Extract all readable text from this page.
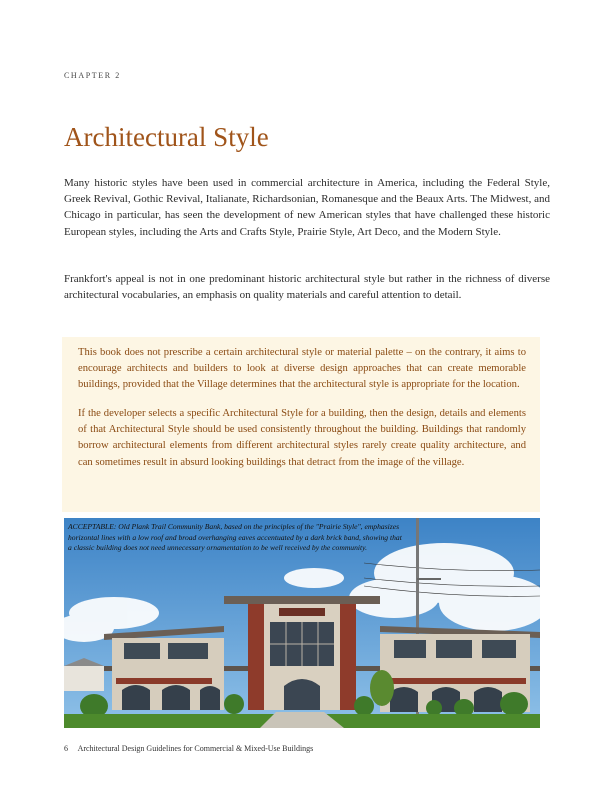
CHAPTER 2
Architectural Style

Many historic styles have been used in commercial architecture in America, including the Federal Style, Greek Revival, Gothic Revival, Italianate, Richardsonian, Romanesque and the Beaux Arts. The Midwest, and Chicago in particular, has seen the development of new American styles that have challenged these historic European styles, including the Arts and Crafts Style, Prairie Style, Art Deco, and the Modern Style.

Frankfort's appeal is not in one predominant historic architectural style but rather in the richness of diverse architectural vocabularies, an emphasis on quality materials and careful attention to detail.

This book does not prescribe a certain architectural style or material palette – on the contrary, it aims to encourage architects and builders to look at diverse design approaches that can create memorable buildings, provided that the Village determines that the architectural style is appropriate for the location.

If the developer selects a specific Architectural Style for a building, then the design, details and elements of that Architectural Style should be used consistently throughout the building. Buildings that randomly borrow architectural elements from different architectural styles rarely create quality architecture, and can sometimes result in absurd looking buildings that detract from the image of the village.

ACCEPTABLE: Old Plank Trail Community Bank, based on the principles of the "Prairie Style", emphasizes horizontal lines with a low roof and broad overhanging eaves accentuated by a dark brick band, showing that a classic building does not need unnecessary ornamentation to be well received by the community.

6 Architectural Design Guidelines for Commercial & Mixed-Use Buildings
